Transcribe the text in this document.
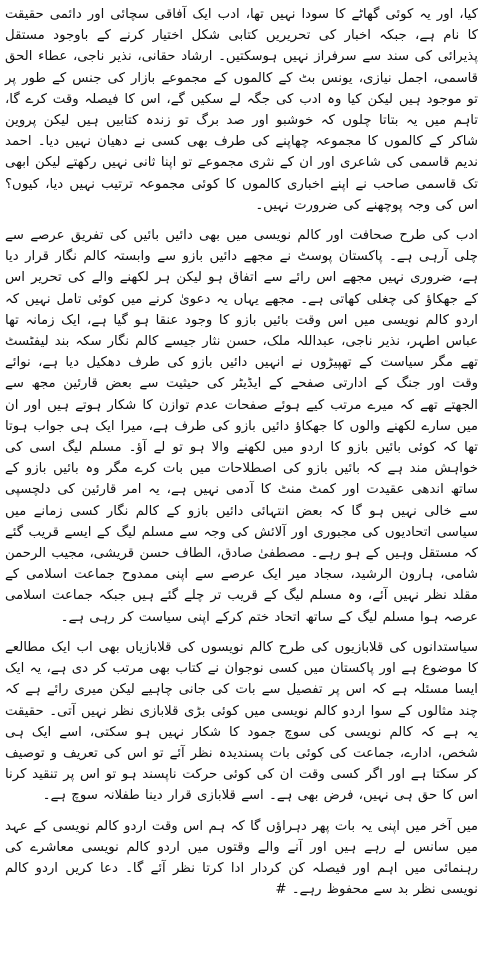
کیا، اور یہ کوئی گھاٹے کا سودا نہیں تھا، ادب ایک آفاقی سچائی اور دائمی حقیقت کا نام ہے، جبکہ اخبار کی تحریریں کتابی شکل اختیار کرنے کے باوجود مستقل پذیرائی کی سند سے سرفراز نہیں ہوسکتیں۔ ارشاد حقانی، نذیر ناجی، عطاء الحق قاسمی، اجمل نیازی، یونس بٹ کے کالموں کے مجموعے بازار کی جنس کے طور پر تو موجود ہیں لیکن کیا وہ ادب کی جگہ لے سکیں گے، اس کا فیصلہ وقت کرے گا، تاہم میں یہ بتاتا چلوں کہ خوشبو اور صد برگ تو زندہ کتابیں ہیں لیکن پروین شاکر کے کالموں کا مجموعہ چھاپنے کی طرف بھی کسی نے دھیان نہیں دیا۔ احمد ندیم قاسمی کی شاعری اور ان کے نثری مجموعے تو اپنا ثانی نہیں رکھتے لیکن ابھی تک قاسمی صاحب نے اپنے اخباری کالموں کا کوئی مجموعہ ترتیب نہیں دیا، کیوں؟ اس کی وجہ پوچھنے کی ضرورت نہیں۔

ادب کی طرح صحافت اور کالم نویسی میں بھی دائیں بائیں کی تفریق عرصے سے چلی آرہی ہے۔ پاکستان پوسٹ نے مجھے دائیں بازو سے وابستہ کالم نگار قرار دیا ہے، ضروری نہیں مجھے اس رائے سے اتفاق ہو لیکن ہر لکھنے والے کی تحریر اس کے جھکاؤ کی چغلی کھاتی ہے۔ مجھے یہاں یہ دعویٰ کرنے میں کوئی تامل نہیں کہ اردو کالم نویسی میں اس وقت بائیں بازو کا وجود عنقا ہو گیا ہے، ایک زمانہ تھا عباس اطہر، نذیر ناجی، عبداللہ ملک، حسن نثار جیسے کالم نگار سکہ بند لیفٹسٹ تھے مگر سیاست کے تھپیڑوں نے انہیں دائیں بازو کی طرف دھکیل دیا ہے، نوائے وقت اور جنگ کے ادارتی صفحے کے ایڈیٹر کی حیثیت سے بعض قارئین مجھ سے الجھتے تھے کہ میرے مرتب کیے ہوئے صفحات عدم توازن کا شکار ہوتے ہیں اور ان میں سارے لکھنے والوں کا جھکاؤ دائیں بازو کی طرف ہے، میرا ایک ہی جواب ہوتا تھا کہ کوئی بائیں بازو کا اردو میں لکھنے والا ہو تو لے آؤ۔ مسلم لیگ اسی کی خواہش مند ہے کہ بائیں بازو کی اصطلاحات میں بات کرے مگر وہ بائیں بازو کے ساتھ اندھی عقیدت اور کمٹ منٹ کا آدمی نہیں ہے، یہ امر قارئین کی دلچسپی سے خالی نہیں ہو گا کہ بعض انتہائی دائیں بازو کے کالم نگار کسی زمانے میں سیاسی اتحادیوں کی مجبوری اور آلائش کی وجہ سے مسلم لیگ کے ایسے قریب گئے کہ مستقل وہیں کے ہو رہے۔ مصطفیٰ صادق، الطاف حسن قریشی، مجیب الرحمن شامی، ہارون الرشید، سجاد میر ایک عرصے سے اپنی ممدوح جماعت اسلامی کے مقلد نظر نہیں آئے، وہ مسلم لیگ کے قریب تر چلے گئے ہیں جبکہ جماعت اسلامی عرصہ ہوا مسلم لیگ کے ساتھ اتحاد ختم کرکے اپنی سیاست کر رہی ہے۔

سیاستدانوں کی قلابازیوں کی طرح کالم نویسوں کی قلابازیاں بھی اب ایک مطالعے کا موضوع ہے اور پاکستان میں کسی نوجوان نے کتاب بھی مرتب کر دی ہے، یہ ایک ایسا مسئلہ ہے کہ اس پر تفصیل سے بات کی جانی چاہیے لیکن میری رائے ہے کہ چند مثالوں کے سوا اردو کالم نویسی میں کوئی بڑی قلابازی نظر نہیں آتی۔ حقیقت یہ ہے کہ کالم نویسی کی سوچ جمود کا شکار نہیں ہو سکتی، اسے ایک ہی شخص، ادارے، جماعت کی کوئی بات پسندیدہ نظر آئے تو اس کی تعریف و توصیف کر سکتا ہے اور اگر کسی وقت ان کی کوئی حرکت ناپسند ہو تو اس پر تنقید کرنا اس کا حق ہی نہیں، فرض بھی ہے۔ اسے قلابازی قرار دینا طفلانہ سوچ ہے۔

میں آخر میں اپنی یہ بات پھر دہراؤں گا کہ ہم اس وقت اردو کالم نویسی کے عہد میں سانس لے رہے ہیں اور آنے والے وقتوں میں اردو کالم نویسی معاشرے کی رہنمائی میں اہم اور فیصلہ کن کردار ادا کرتا نظر آئے گا۔ دعا کریں اردو کالم نویسی نظر بد سے محفوظ رہے۔ #
